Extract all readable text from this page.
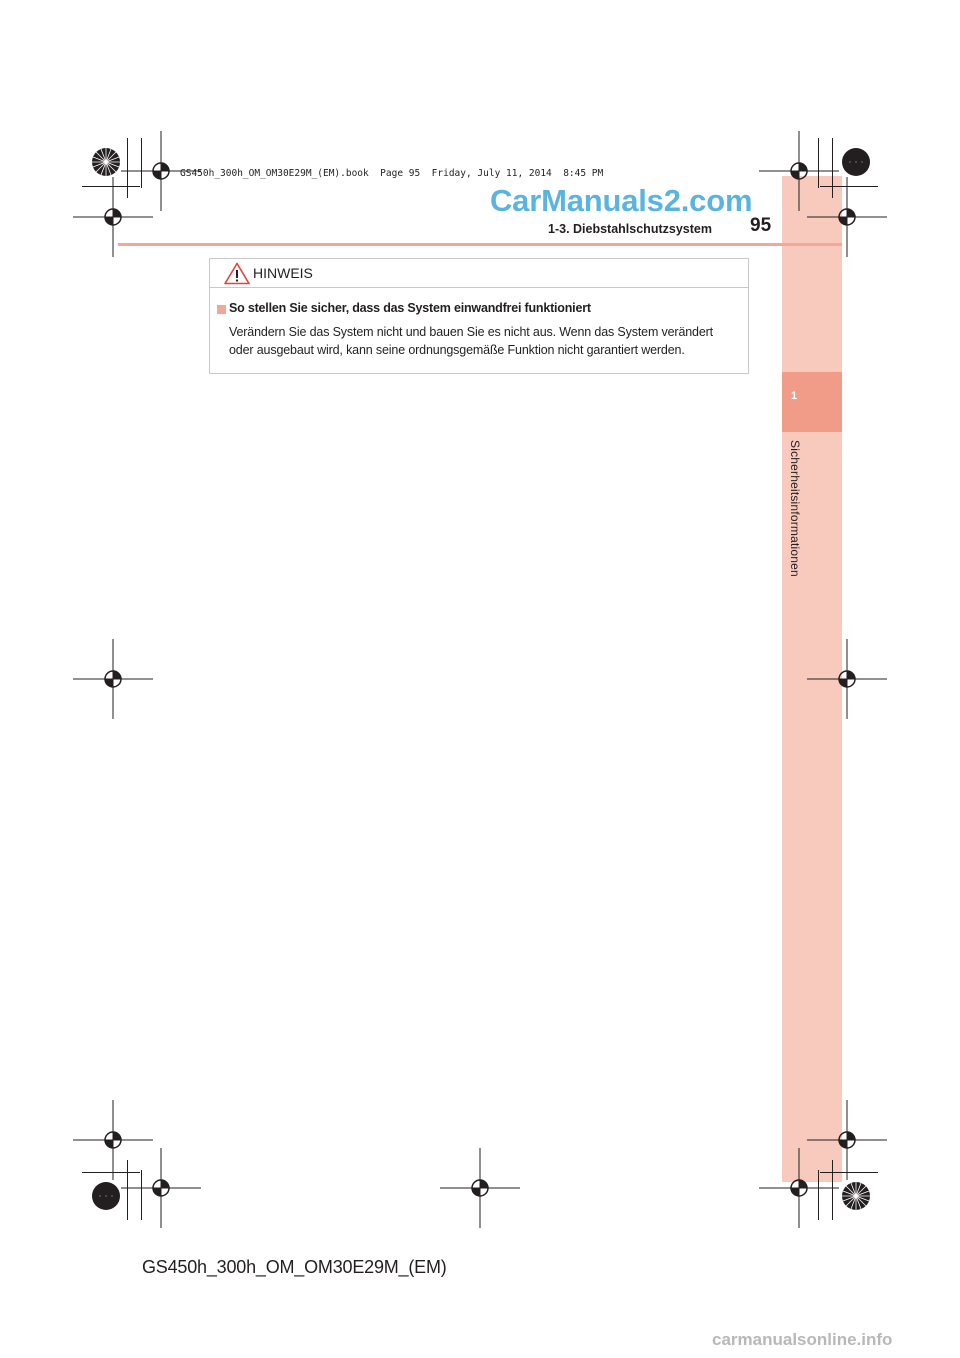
1
Sicherheitsinformationen
GS450h_300h_OM_OM30E29M_(EM).book  Page 95  Friday, July 11, 2014  8:45 PM
CarManuals2.com
1-3. Diebstahlschutzsystem 95
HINWEIS
So stellen Sie sicher, dass das System einwandfrei funktioniert
Verändern Sie das System nicht und bauen Sie es nicht aus. Wenn das System verändert
oder ausgebaut wird, kann seine ordnungsgemäße Funktion nicht garantiert werden.
GS450h_300h_OM_OM30E29M_(EM)
carmanualsonline.info
